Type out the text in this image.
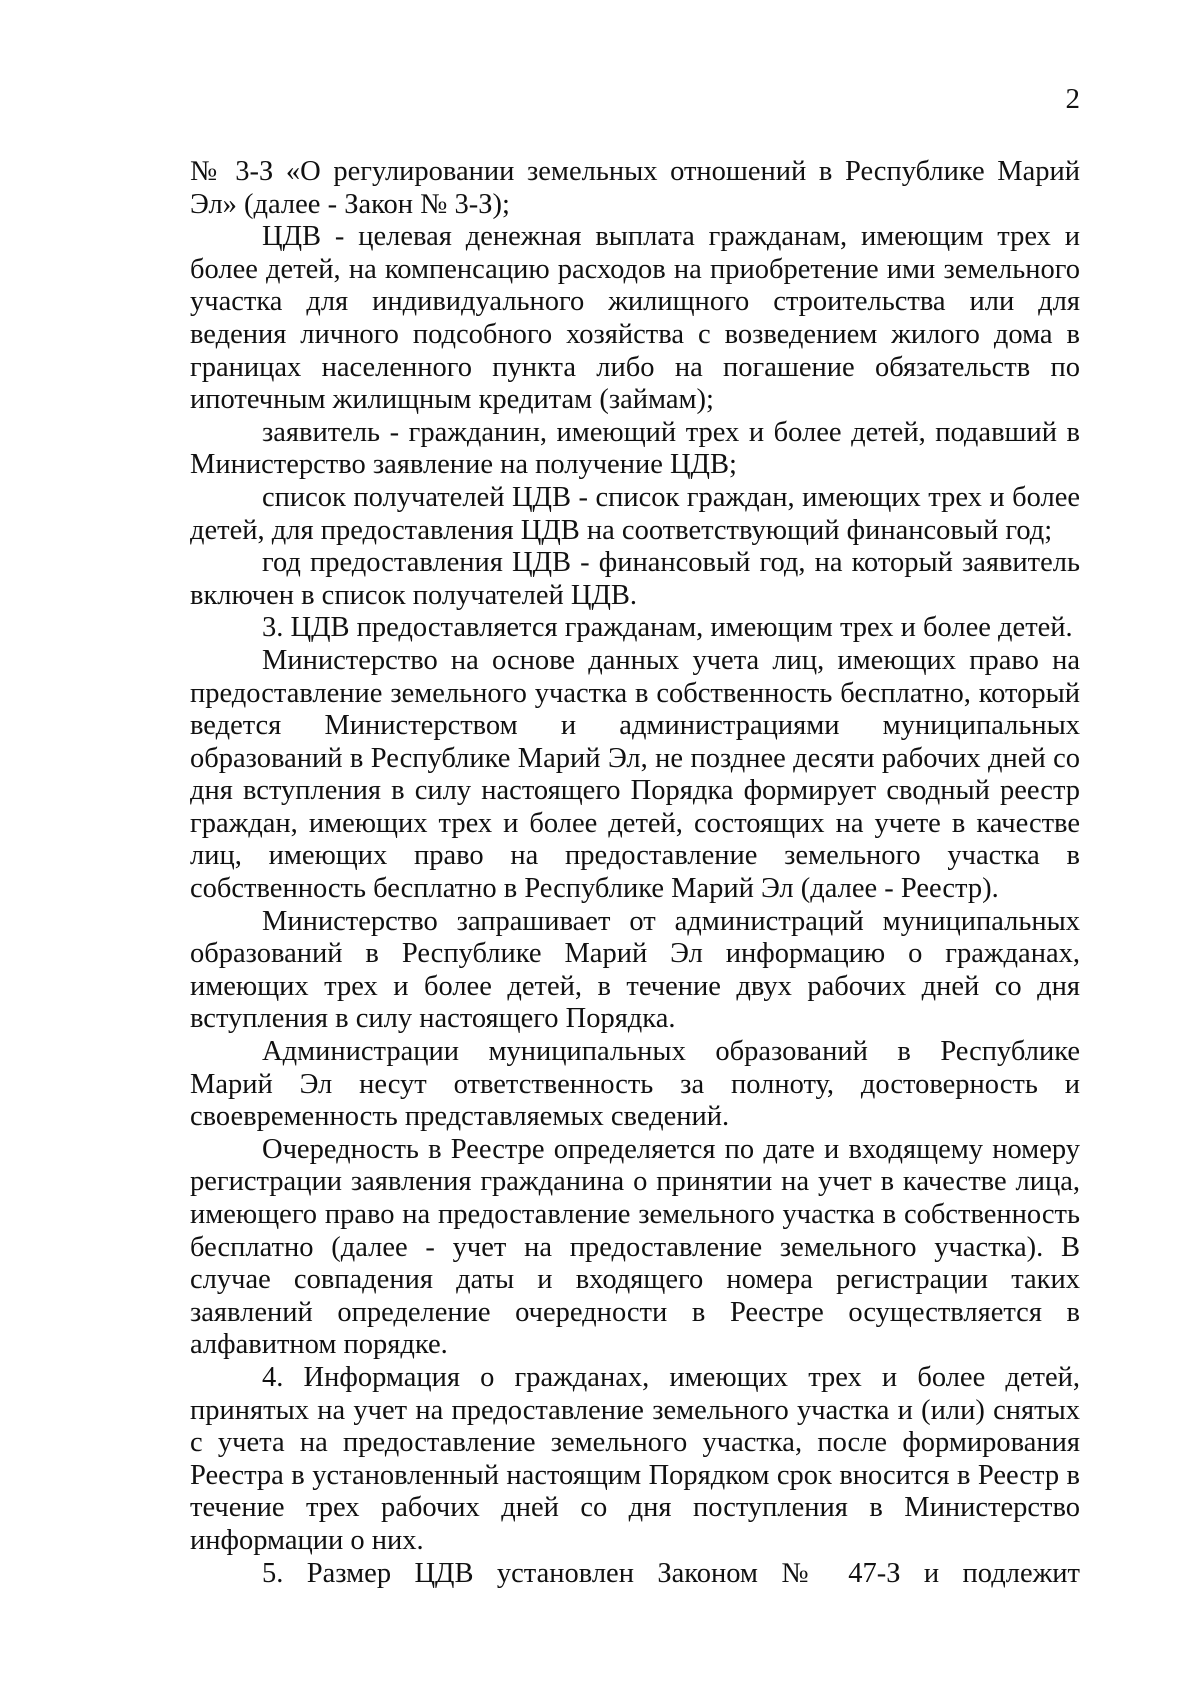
2

№ 3-З «О регулировании земельных отношений в Республике Марий Эл» (далее - Закон № 3-З);

ЦДВ - целевая денежная выплата гражданам, имеющим трех и более детей, на компенсацию расходов на приобретение ими земельного участка для индивидуального жилищного строительства или для ведения личного подсобного хозяйства с возведением жилого дома в границах населенного пункта либо на погашение обязательств по ипотечным жилищным кредитам (займам);

заявитель - гражданин, имеющий трех и более детей, подавший в Министерство заявление на получение ЦДВ;

список получателей ЦДВ - список граждан, имеющих трех и более детей, для предоставления ЦДВ на соответствующий финансовый год;

год предоставления ЦДВ - финансовый год, на который заявитель включен в список получателей ЦДВ.

3. ЦДВ предоставляется гражданам, имеющим трех и более детей.

Министерство на основе данных учета лиц, имеющих право на предоставление земельного участка в собственность бесплатно, который ведется Министерством и администрациями муниципальных образований в Республике Марий Эл, не позднее десяти рабочих дней со дня вступления в силу настоящего Порядка формирует сводный реестр граждан, имеющих трех и более детей, состоящих на учете в качестве лиц, имеющих право на предоставление земельного участка в собственность бесплатно в Республике Марий Эл (далее - Реестр).

Министерство запрашивает от администраций муниципальных образований в Республике Марий Эл информацию о гражданах, имеющих трех и более детей, в течение двух рабочих дней со дня вступления в силу настоящего Порядка.

Администрации муниципальных образований в Республике Марий Эл несут ответственность за полноту, достоверность и своевременность представляемых сведений.

Очередность в Реестре определяется по дате и входящему номеру регистрации заявления гражданина о принятии на учет в качестве лица, имеющего право на предоставление земельного участка в собственность бесплатно (далее - учет на предоставление земельного участка). В случае совпадения даты и входящего номера регистрации таких заявлений определение очередности в Реестре осуществляется в алфавитном порядке.

4. Информация о гражданах, имеющих трех и более детей, принятых на учет на предоставление земельного участка и (или) снятых с учета на предоставление земельного участка, после формирования Реестра в установленный настоящим Порядком срок вносится в Реестр в течение трех рабочих дней со дня поступления в Министерство информации о них.

5. Размер ЦДВ установлен Законом № 47-З и подлежит
